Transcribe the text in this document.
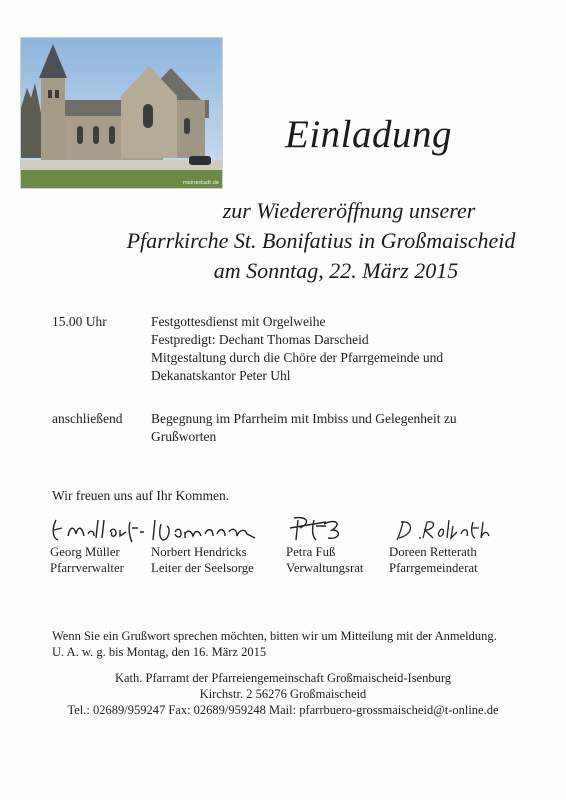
meinestadt.de
Einladung
zur Wiedereröffnung unserer
Pfarrkirche St. Bonifatius in Großmaischeid
am Sonntag, 22. März 2015
15.00 Uhr	Festgottesdienst mit Orgelweihe
Festpredigt: Dechant Thomas Darscheid
Mitgestaltung durch die Chöre der Pfarrgemeinde und
Dekanatskantor Peter Uhl
anschließend Begegnung im Pfarrheim mit Imbiss und Gelegenheit zu
Grußworten
Wir freuen uns auf Ihr Kommen.
Georg Müller
Pfarrverwalter
Norbert Hendricks
Leiter der Seelsorge
Petra Fuß
Verwaltungsrat
Doreen Retterath
Pfarrgemeinderat
Wenn Sie ein Grußwort sprechen möchten, bitten wir um Mitteilung mit der Anmeldung.
U. A. w. g. bis Montag, den 16. März 2015
Kath. Pfarramt der Pfarreiengemeinschaft Großmaischeid-Isenburg
Kirchstr. 2 56276 Großmaischeid
Tel.: 02689/959247 Fax: 02689/959248 Mail: pfarrbuero-grossmaischeid@t-online.de
